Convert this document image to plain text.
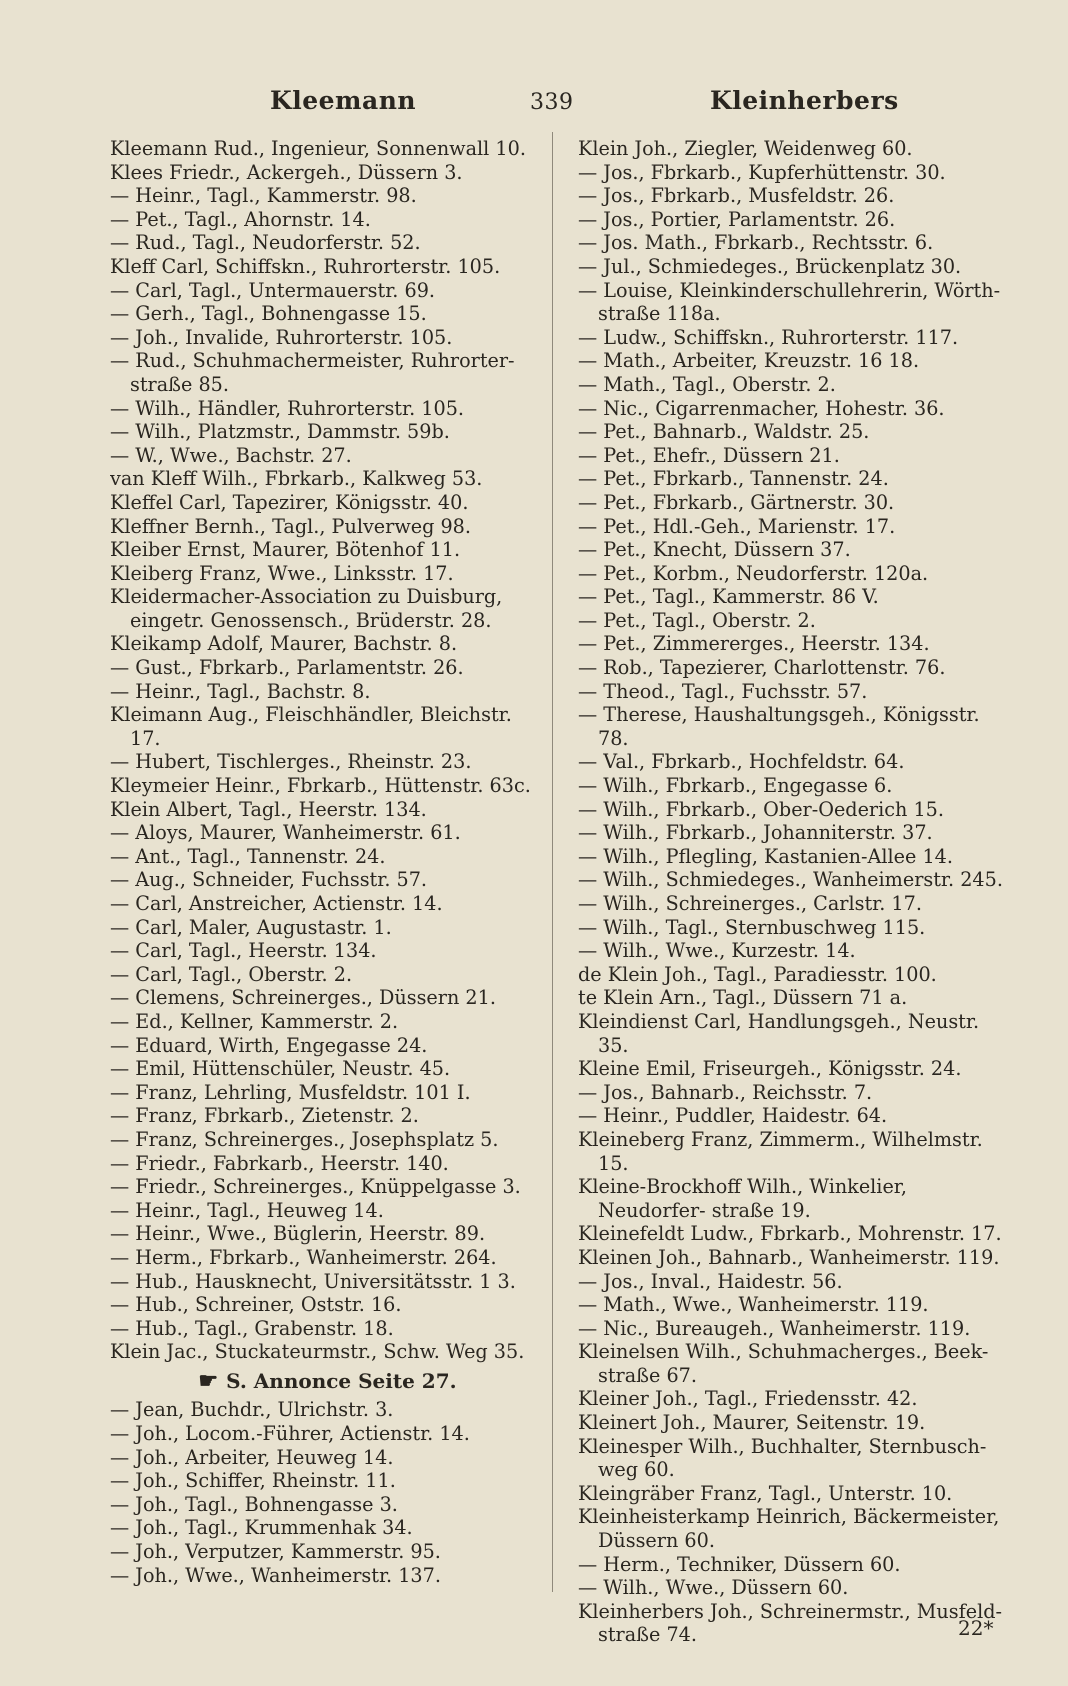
Kleemann	339	Kleinherbers
Kleemann Rud., Ingenieur, Sonnenwall 10.
Klees Friedr., Ackergeh., Düssern 3.
— Heinr., Tagl., Kammerstr. 98.
— Pet., Tagl., Ahornstr. 14.
— Rud., Tagl., Neudorferstr. 52.
Kleff Carl, Schiffskn., Ruhrorterstr. 105.
— Carl, Tagl., Untermauerstr. 69.
— Gerh., Tagl., Bohnengasse 15.
— Joh., Invalide, Ruhrorterstr. 105.
— Rud., Schuhmachermeister, Ruhrorter- straße 85.
— Wilh., Händler, Ruhrorterstr. 105.
— Wilh., Platzmstr., Dammstr. 59b.
— W., Wwe., Bachstr. 27.
van Kleff Wilh., Fbrkarb., Kalkweg 53.
Kleffel Carl, Tapezirer, Königsstr. 40.
Kleffner Bernh., Tagl., Pulverweg 98.
Kleiber Ernst, Maurer, Bötenhof 11.
Kleiberg Franz, Wwe., Linksstr. 17.
Kleidermacher-Association zu Duisburg, eingetr. Genossensch., Brüderstr. 28.
Kleikamp Adolf, Maurer, Bachstr. 8.
— Gust., Fbrkarb., Parlamentstr. 26.
— Heinr., Tagl., Bachstr. 8.
Kleimann Aug., Fleischhändler, Bleichstr. 17.
— Hubert, Tischlerges., Rheinstr. 23.
Kleymeier Heinr., Fbrkarb., Hüttenstr. 63c.
Klein Albert, Tagl., Heerstr. 134.
— Aloys, Maurer, Wanheimerstr. 61.
— Ant., Tagl., Tannenstr. 24.
— Aug., Schneider, Fuchsstr. 57.
— Carl, Anstreicher, Actienstr. 14.
— Carl, Maler, Augustastr. 1.
— Carl, Tagl., Heerstr. 134.
— Carl, Tagl., Oberstr. 2.
— Clemens, Schreinerges., Düssern 21.
— Ed., Kellner, Kammerstr. 2.
— Eduard, Wirth, Engegasse 24.
— Emil, Hüttenschüler, Neustr. 45.
— Franz, Lehrling, Musfeldstr. 101 I.
— Franz, Fbrkarb., Zietenstr. 2.
— Franz, Schreinerges., Josephsplatz 5.
— Friedr., Fabrkarb., Heerstr. 140.
— Friedr., Schreinerges., Knüppelgasse 3.
— Heinr., Tagl., Heuweg 14.
— Heinr., Wwe., Büglerin, Heerstr. 89.
— Herm., Fbrkarb., Wanheimerstr. 264.
— Hub., Hausknecht, Universitätsstr. 1 3.
— Hub., Schreiner, Oststr. 16.
— Hub., Tagl., Grabenstr. 18.
Klein Jac., Stuckateurmstr., Schw. Weg 35.
☛ S. Annonce Seite 27.
— Jean, Buchdr., Ulrichstr. 3.
— Joh., Locom.-Führer, Actienstr. 14.
— Joh., Arbeiter, Heuweg 14.
— Joh., Schiffer, Rheinstr. 11.
— Joh., Tagl., Bohnengasse 3.
— Joh., Tagl., Krummenhak 34.
— Joh., Verputzer, Kammerstr. 95.
— Joh., Wwe., Wanheimerstr. 137.
Klein Joh., Ziegler, Weidenweg 60.
— Jos., Fbrkarb., Kupferhüttenstr. 30.
— Jos., Fbrkarb., Musfeldstr. 26.
— Jos., Portier, Parlamentstr. 26.
— Jos. Math., Fbrkarb., Rechtsstr. 6.
— Jul., Schmiedeges., Brückenplatz 30.
— Louise, Kleinkinderschullehrerin, Wörth- straße 118a.
— Ludw., Schiffskn., Ruhrorterstr. 117.
— Math., Arbeiter, Kreuzstr. 16 18.
— Math., Tagl., Oberstr. 2.
— Nic., Cigarrenmacher, Hohestr. 36.
— Pet., Bahnarb., Waldstr. 25.
— Pet., Ehefr., Düssern 21.
— Pet., Fbrkarb., Tannenstr. 24.
— Pet., Fbrkarb., Gärtnerstr. 30.
— Pet., Hdl.-Geh., Marienstr. 17.
— Pet., Knecht, Düssern 37.
— Pet., Korbm., Neudorferstr. 120a.
— Pet., Tagl., Kammerstr. 86 V.
— Pet., Tagl., Oberstr. 2.
— Pet., Zimmererges., Heerstr. 134.
— Rob., Tapezierer, Charlottenstr. 76.
— Theod., Tagl., Fuchsstr. 57.
— Therese, Haushaltungsgeh., Königsstr. 78.
— Val., Fbrkarb., Hochfeldstr. 64.
— Wilh., Fbrkarb., Engegasse 6.
— Wilh., Fbrkarb., Ober-Oederich 15.
— Wilh., Fbrkarb., Johanniterstr. 37.
— Wilh., Pflegling, Kastanien-Allee 14.
— Wilh., Schmiedeges., Wanheimerstr. 245.
— Wilh., Schreinerges., Carlstr. 17.
— Wilh., Tagl., Sternbuschweg 115.
— Wilh., Wwe., Kurzestr. 14.
de Klein Joh., Tagl., Paradiesstr. 100.
te Klein Arn., Tagl., Düssern 71 a.
Kleindienst Carl, Handlungsgeh., Neustr. 35.
Kleine Emil, Friseurgeh., Königsstr. 24.
— Jos., Bahnarb., Reichsstr. 7.
— Heinr., Puddler, Haidestr. 64.
Kleineberg Franz, Zimmerm., Wilhelmstr. 15.
Kleine-Brockhoff Wilh., Winkelier, Neudorfer- straße 19.
Kleinefeldt Ludw., Fbrkarb., Mohrenstr. 17.
Kleinen Joh., Bahnarb., Wanheimerstr. 119.
— Jos., Inval., Haidestr. 56.
— Math., Wwe., Wanheimerstr. 119.
— Nic., Bureaugeh., Wanheimerstr. 119.
Kleinelsen Wilh., Schuhmacherges., Beek- straße 67.
Kleiner Joh., Tagl., Friedensstr. 42.
Kleinert Joh., Maurer, Seitenstr. 19.
Kleinesper Wilh., Buchhalter, Sternbusch- weg 60.
Kleingräber Franz, Tagl., Unterstr. 10.
Kleinheisterkamp Heinrich, Bäckermeister, Düssern 60.
— Herm., Techniker, Düssern 60.
— Wilh., Wwe., Düssern 60.
Kleinherbers Joh., Schreinermstr., Musfeld- straße 74.	22*
